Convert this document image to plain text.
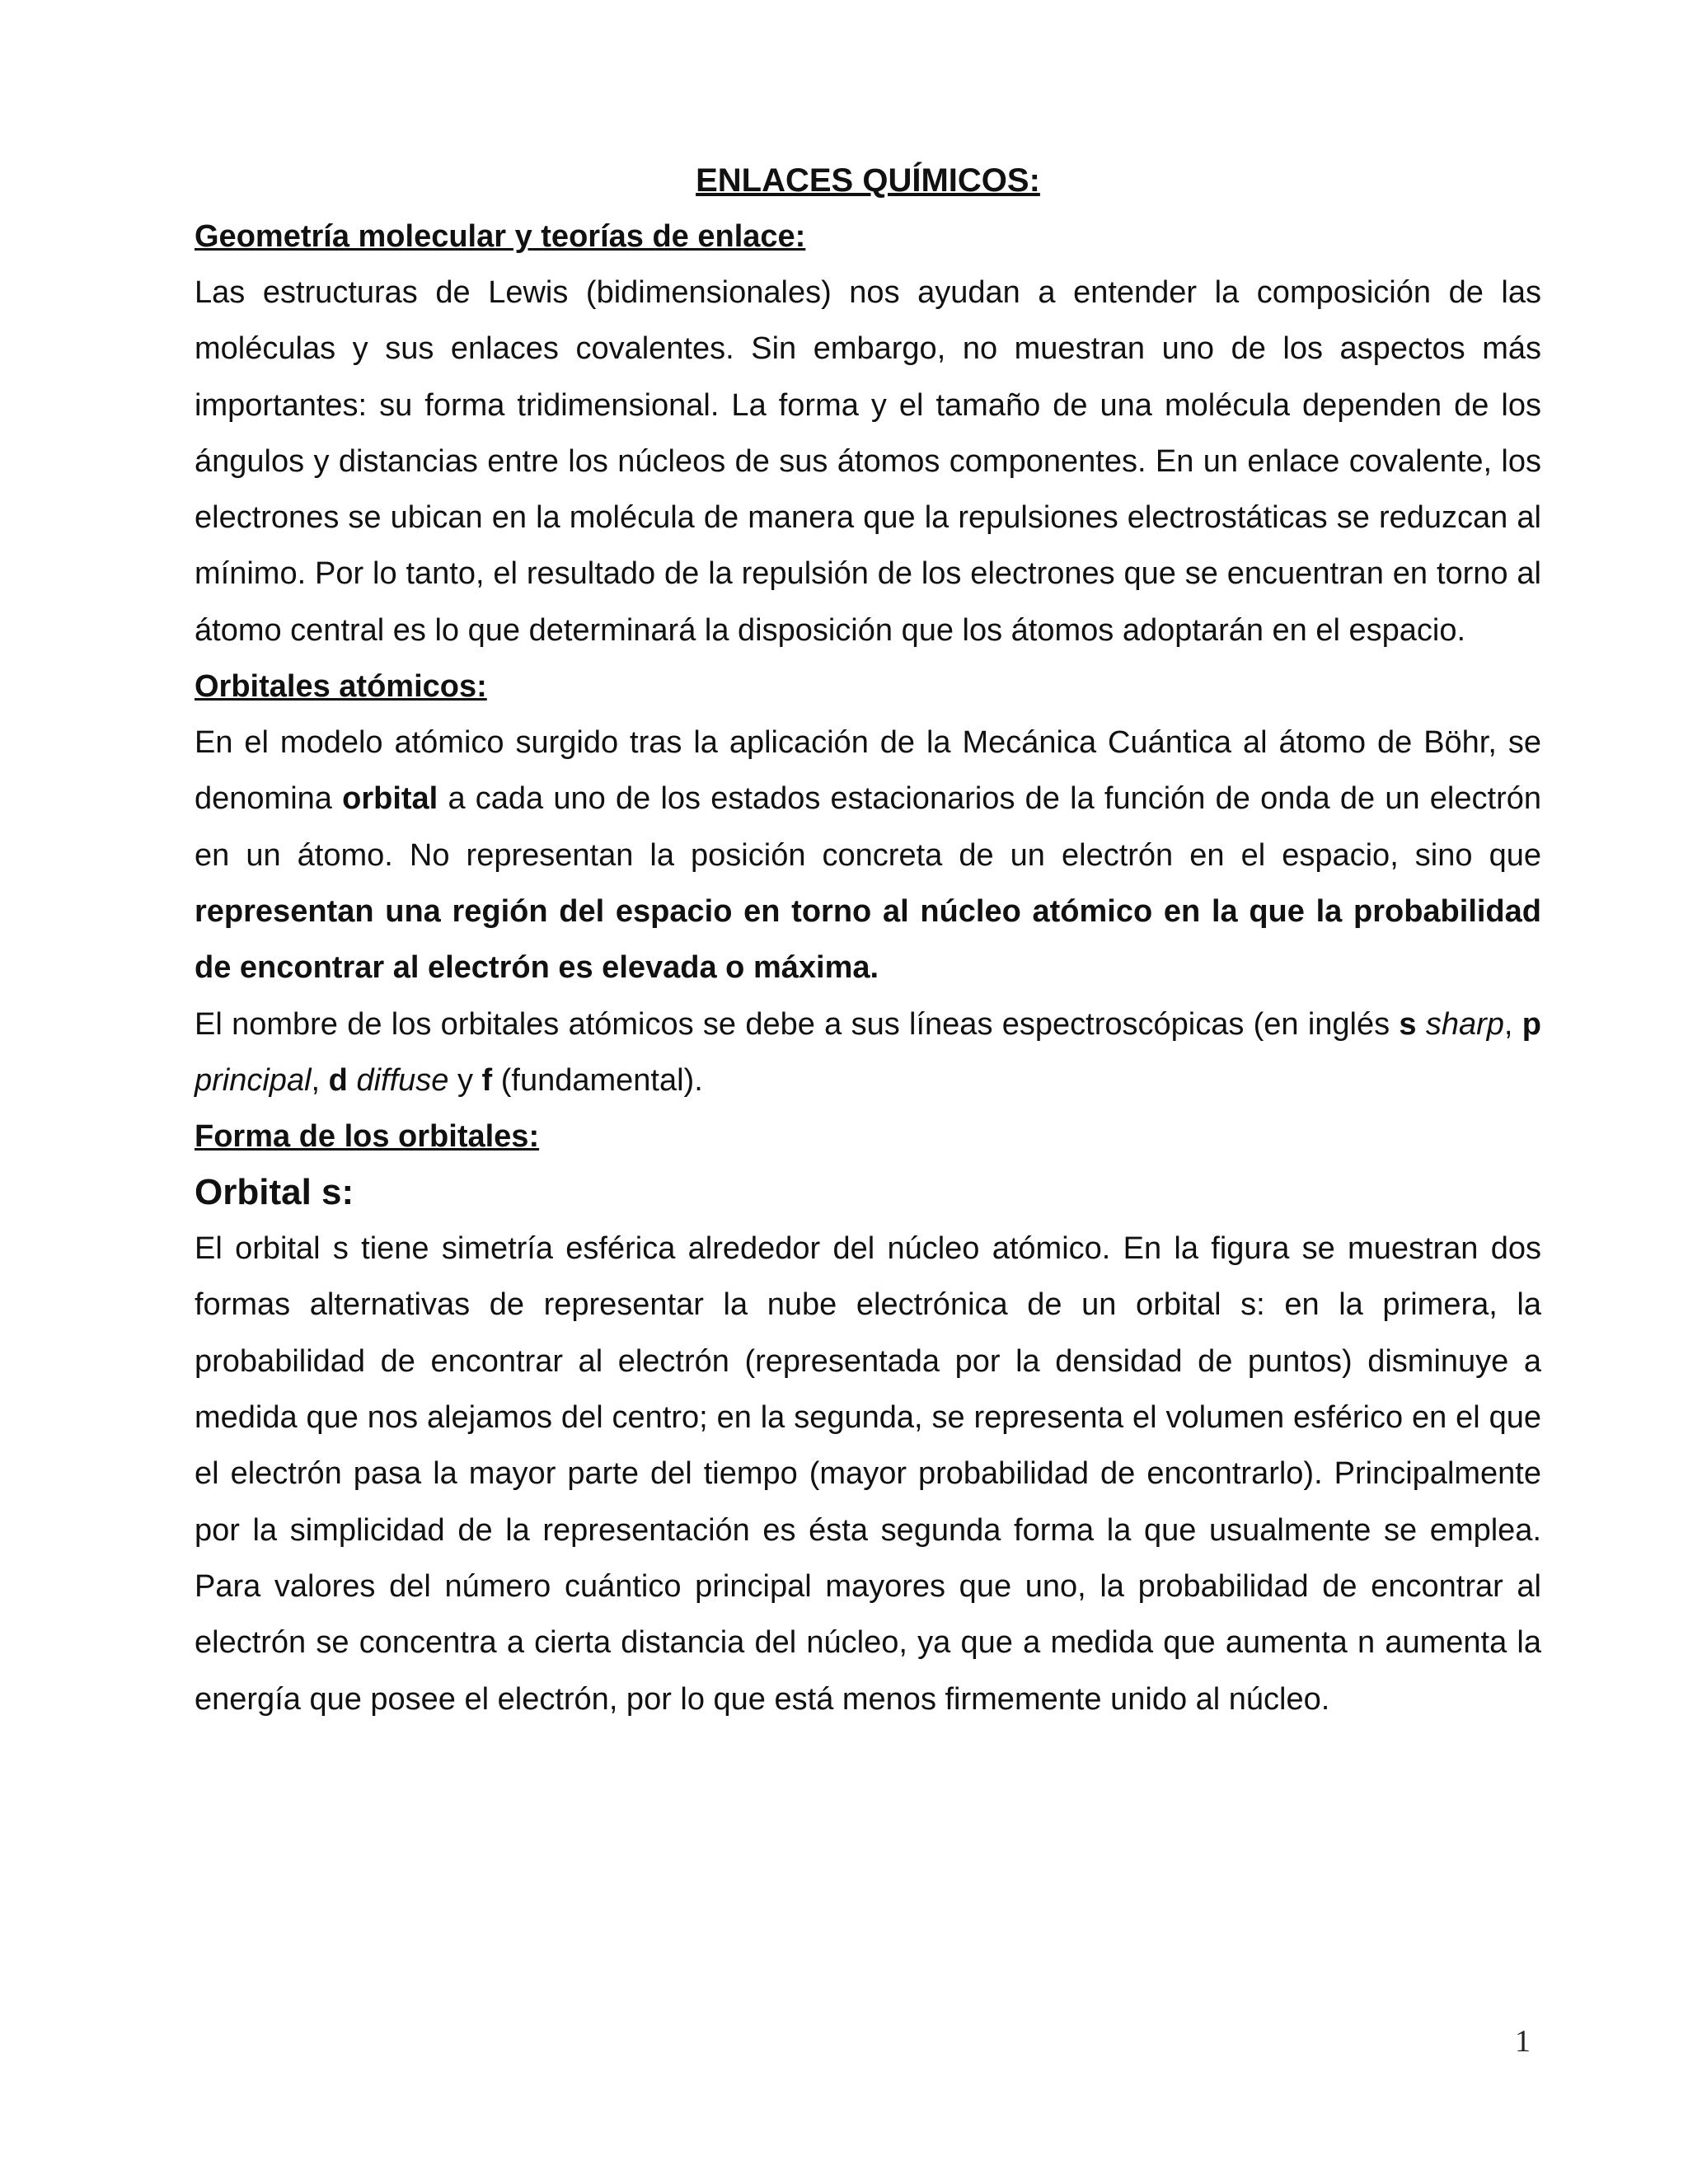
ENLACES QUÍMICOS:
Geometría molecular y teorías de enlace:

Las estructuras de Lewis (bidimensionales) nos ayudan a entender la composición de las moléculas y sus enlaces covalentes. Sin embargo, no muestran uno de los aspectos más importantes: su forma tridimensional. La forma y el tamaño de una molécula dependen de los ángulos y distancias entre los núcleos de sus átomos componentes. En un enlace covalente, los electrones se ubican en la molécula de manera que la repulsiones electrostáticas se reduzcan al mínimo. Por lo tanto, el resultado de la repulsión de los electrones que se encuentran en torno al átomo central es lo que determinará la disposición que los átomos adoptarán en el espacio.

Orbitales atómicos:

En el modelo atómico surgido tras la aplicación de la Mecánica Cuántica al átomo de Böhr, se denomina orbital a cada uno de los estados estacionarios de la función de onda de un electrón en un átomo. No representan la posición concreta de un electrón en el espacio, sino que representan una región del espacio en torno al núcleo atómico en la que la probabilidad de encontrar al electrón es elevada o máxima.

El nombre de los orbitales atómicos se debe a sus líneas espectroscópicas (en inglés s sharp, p principal, d diffuse y f (fundamental).

Forma de los orbitales:
Orbital s:

El orbital s tiene simetría esférica alrededor del núcleo atómico. En la figura se muestran dos formas alternativas de representar la nube electrónica de un orbital s: en la primera, la probabilidad de encontrar al electrón (representada por la densidad de puntos) disminuye a medida que nos alejamos del centro; en la segunda, se representa el volumen esférico en el que el electrón pasa la mayor parte del tiempo (mayor probabilidad de encontrarlo). Principalmente por la simplicidad de la representación es ésta segunda forma la que usualmente se emplea. Para valores del número cuántico principal mayores que uno, la probabilidad de encontrar al electrón se concentra a cierta distancia del núcleo, ya que a medida que aumenta n aumenta la energía que posee el electrón, por lo que está menos firmemente unido al núcleo.

1
